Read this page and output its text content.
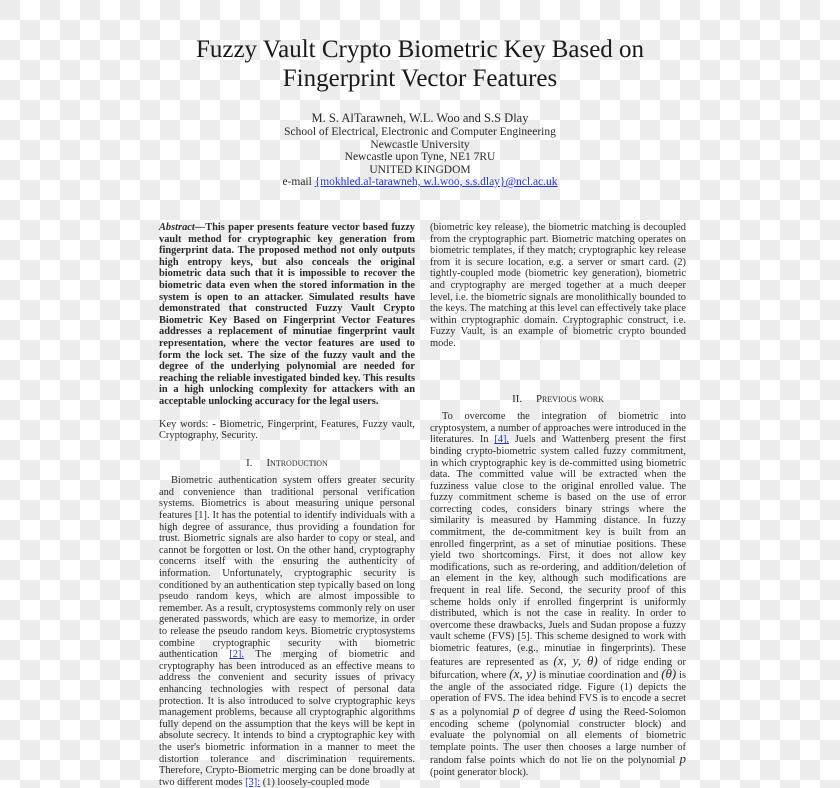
Fuzzy Vault Crypto Biometric Key Based on
Fingerprint Vector Features
M. S. AlTarawneh, W.L. Woo and S.S Dlay
School of Electrical, Electronic and Computer Engineering
Newcastle University
Newcastle upon Tyne, NE1 7RU
UNITED KINGDOM
e-mail {mokhled.al-tarawneh, w.l.woo, s.s.dlay}@ncl.ac.uk

Abstract—This paper presents feature vector based fuzzy vault method for cryptographic key generation from fingerprint data. The proposed method not only outputs high entropy keys, but also conceals the original biometric data such that it is impossible to recover the biometric data even when the stored information in the system is open to an attacker. Simulated results have demonstrated that constructed Fuzzy Vault Crypto Biometric Key Based on Fingerprint Vector Features addresses a replacement of minutiae fingerprint vault representation, where the vector features are used to form the lock set. The size of the fuzzy vault and the degree of the underlying polynomial are needed for reaching the reliable investigated binded key. This results in a high unlocking complexity for attackers with an acceptable unlocking accuracy for the legal users.

Key words: - Biometric, Fingerprint, Features, Fuzzy vault, Cryptography, Security.

I. Introduction

Biometric authentication system offers greater security and convenience than traditional personal verification systems. Biometrics is about measuring unique personal features [1]. It has the potential to identify individuals with a high degree of assurance, thus providing a foundation for trust. Biometric signals are also harder to copy or steal, and cannot be forgotten or lost. On the other hand, cryptography concerns itself with the ensuring the authenticity of information. Unfortunately, cryptographic security is conditioned by an authentication step typically based on long pseudo random keys, which are almost impossible to remember. As a result, cryptosystems commonly rely on user generated passwords, which are easy to memorize, in order to release the pseudo random keys. Biometric cryptosystems combine cryptographic security with biometric authentication [2]. The merging of biometric and cryptography has been introduced as an effective means to address the convenient and security issues of privacy enhancing technologies with respect of personal data protection. It is also introduced to solve cryptographic keys management problems, because all cryptographic algorithms fully depend on the assumption that the keys will be kept in absolute secrecy. It intends to bind a cryptographic key with the user's biometric information in a manner to meet the distortion tolerance and discrimination requirements. Therefore, Crypto-Biometric merging can be done broadly at two different modes [3]: (1) loosely-coupled mode

(biometric key release), the biometric matching is decoupled from the cryptographic part. Biometric matching operates on biometric templates, if they match; cryptographic key release from it is secure location, e.g. a server or smart card. (2) tightly-coupled mode (biometric key generation), biometric and cryptography are merged together at a much deeper level, i.e. the biometric signals are monolithically bounded to the keys. The matching at this level can effectively take place within cryptographic domain. Cryptographic construct, i.e. Fuzzy Vault, is an example of biometric crypto bounded mode.

II. Previous work

To overcome the integration of biometric into cryptosystem, a number of approaches were introduced in the literatures. In [4], Juels and Wattenberg present the first binding crypto-biometric system called fuzzy commitment, in which cryptographic key is de-committed using biometric data. The committed value will be extracted when the fuzziness value close to the original enrolled value. The fuzzy commitment scheme is based on the use of error correcting codes, considers binary strings where the similarity is measured by Hamming distance. In fuzzy commitment, the de-commitment key is built from an enrolled fingerprint, as a set of minutiae positions. These yield two shortcomings. First, it does not allow key modifications, such as re-ordering, and addition/deletion of an element in the key, although such modifications are frequent in real life. Second, the security proof of this scheme holds only if enrolled fingerprint is uniformly distributed, which is not the case in reality. In order to overcome these drawbacks, Juels and Sudan propose a fuzzy vault scheme (FVS) [5]. This scheme designed to work with biometric features, (e.g., minutiae in fingerprints). These features are represented as (x, y, θ) of ridge ending or bifurcation, where (x, y) is minutiae coordination and (θ) is the angle of the associated ridge. Figure (1) depicts the operation of FVS. The idea behind FVS is to encode a secret s as a polynomial p of degree d using the Reed-Solomon encoding scheme (polynomial constructer block) and evaluate the polynomial on all elements of biometric template points. The user then chooses a large number of random false points which do not lie on the polynomial p (point generator block).
